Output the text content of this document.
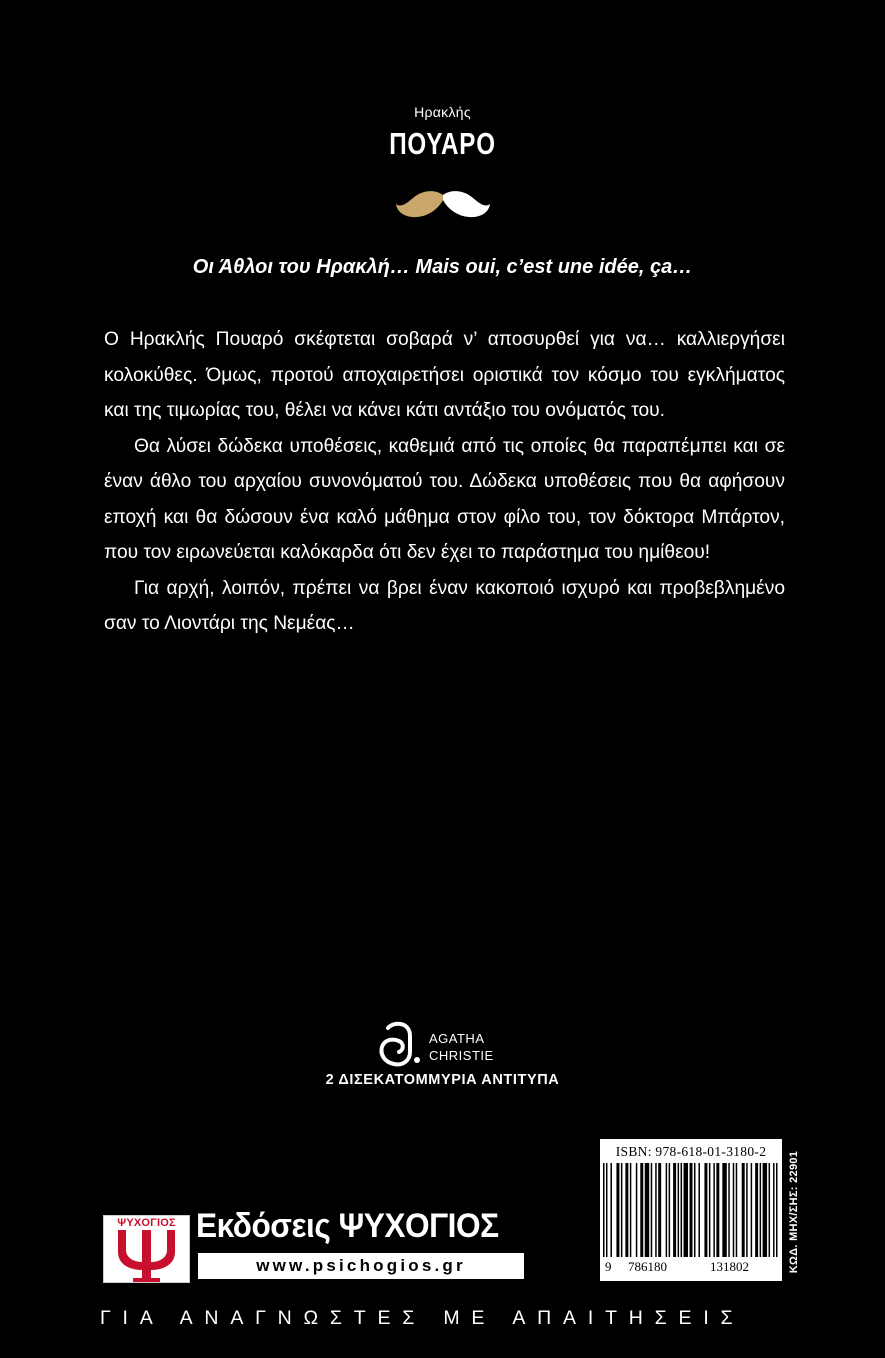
Ηρακλής
ΠΟΥΑΡΟ
Οι Άθλοι του Ηρακλή… Mais oui, c’est une idée, ça…

Ο Ηρακλής Πουαρό σκέφτεται σοβαρά ν’ αποσυρθεί για να… καλλιεργήσει κολοκύθες. Όμως, προτού αποχαιρετήσει οριστικά τον κόσμο του εγκλήματος και της τιμωρίας του, θέλει να κάνει κάτι αντάξιο του ονόματός του.

Θα λύσει δώδεκα υποθέσεις, καθεμιά από τις οποίες θα παραπέμπει και σε έναν άθλο του αρχαίου συνονόματού του. Δώδεκα υποθέσεις που θα αφήσουν εποχή και θα δώσουν ένα καλό μάθημα στον φίλο του, τον δόκτορα Μπάρτον, που τον ειρωνεύεται καλόκαρδα ότι δεν έχει το παράστημα του ημίθεου!

Για αρχή, λοιπόν, πρέπει να βρει έναν κακοποιό ισχυρό και προβεβλημένο σαν το Λιοντάρι της Νεμέας…

AGATHA
CHRISTIE
2 ΔΙΣΕΚΑΤΟΜΜΥΡΙΑ ΑΝΤΙΤΥΠΑ
ΨΥΧΟΓΙΟΣ Εκδόσεις ΨΥΧΟΓΙΟΣ
www.psichogios.gr
ISBN: 978-618-01-3180-2
9 786180	131802	ΚΩΔ. ΜΗΧ/ΣΗΣ: 22901
ΓΙΑ ΑΝΑΓΝΩΣΤΕΣ ΜΕ ΑΠΑΙΤΗΣΕΙΣ
